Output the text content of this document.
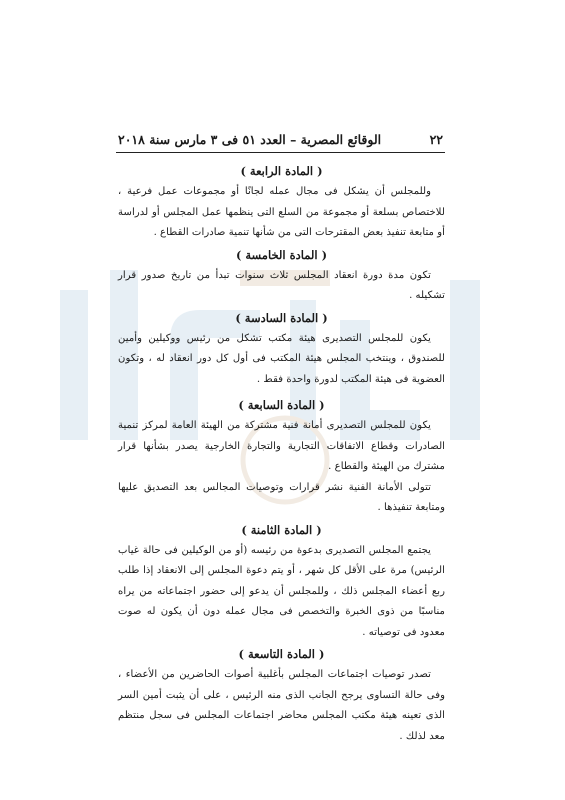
٢٢
الوقائع المصرية – العدد ٥١ فى ٣ مارس سنة ٢٠١٨

( المادة الرابعة )

وللمجلس أن يشكل فى مجال عمله لجانًا أو مجموعات عمل فرعية ، للاختصاص بسلعة أو مجموعة من السلع التى ينظمها عمل المجلس أو لدراسة أو متابعة تنفيذ بعض المقترحات التى من شأنها تنمية صادرات القطاع .

( المادة الخامسة )

تكون مدة دورة انعقاد المجلس ثلاث سنوات تبدأ من تاريخ صدور قرار تشكيله .

( المادة السادسة )

يكون للمجلس التصديرى هيئة مكتب تشكل من رئيس ووكيلين وأمين للصندوق ، وينتخب المجلس هيئة المكتب فى أول كل دور انعقاد له ، وتكون العضوية فى هيئة المكتب لدورة واحدة فقط .

( المادة السابعة )

يكون للمجلس التصديرى أمانة فنية مشتركة من الهيئة العامة لمركز تنمية الصادرات وقطاع الاتفاقات التجارية والتجارة الخارجية يصدر بشأنها قرار مشترك من الهيئة والقطاع .

تتولى الأمانة الفنية نشر قرارات وتوصيات المجالس بعد التصديق عليها ومتابعة تنفيذها .

( المادة الثامنة )

يجتمع المجلس التصديرى بدعوة من رئيسه (أو من الوكيلين فى حالة غياب الرئيس) مرة على الأقل كل شهر ، أو يتم دعوة المجلس إلى الانعقاد إذا طلب ربع أعضاء المجلس ذلك ، وللمجلس أن يدعو إلى حضور اجتماعاته من يراه مناسبًا من ذوى الخبرة والتخصص فى مجال عمله دون أن يكون له صوت معدود فى توصياته .

( المادة التاسعة )

تصدر توصيات اجتماعات المجلس بأغلبية أصوات الحاضرين من الأعضاء ، وفى حالة التساوى يرجح الجانب الذى منه الرئيس ، على أن يثبت أمين السر الذى تعينه هيئة مكتب المجلس محاضر اجتماعات المجلس فى سجل منتظم معد لذلك .
